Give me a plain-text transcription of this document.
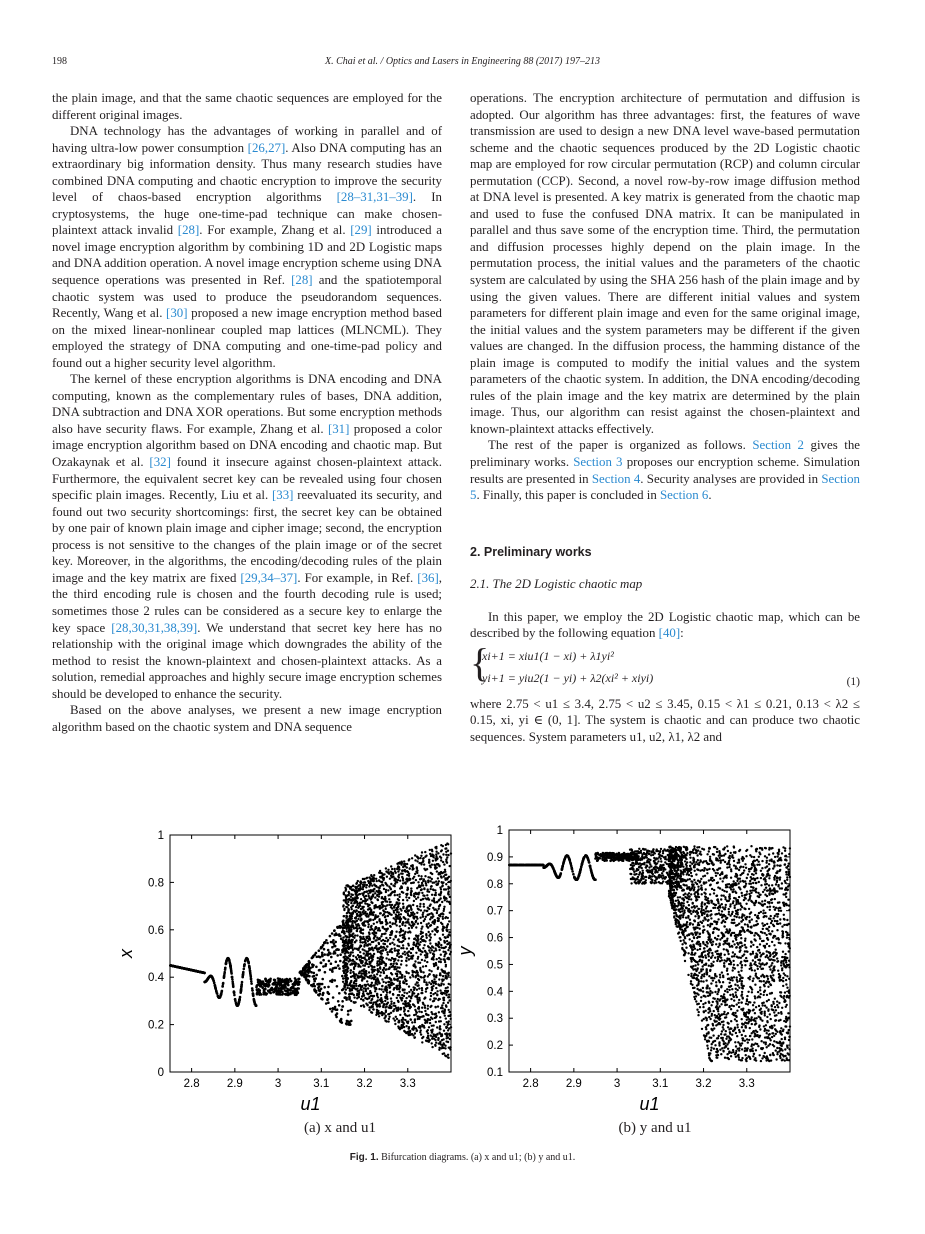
198	X. Chai et al. / Optics and Lasers in Engineering 88 (2017) 197–213

the plain image, and that the same chaotic sequences are employed for the different original images.

DNA technology has the advantages of working in parallel and of having ultra-low power consumption [26,27]. Also DNA computing has an extraordinary big information density. Thus many research studies have combined DNA computing and chaotic encryption to improve the security level of chaos-based encryption algorithms [28–31,31–39]. In cryptosystems, the huge one-time-pad technique can make chosen-plaintext attack invalid [28]. For example, Zhang et al. [29] introduced a novel image encryption algorithm by combining 1D and 2D Logistic maps and DNA addition operation. A novel image encryption scheme using DNA sequence operations was presented in Ref. [28] and the spatiotemporal chaotic system was used to produce the pseudorandom sequences. Recently, Wang et al. [30] proposed a new image encryption method based on the mixed linear-nonlinear coupled map lattices (MLNCML). They employed the strategy of DNA computing and one-time-pad policy and found out a higher security level algorithm.

The kernel of these encryption algorithms is DNA encoding and DNA computing, known as the complementary rules of bases, DNA addition, DNA subtraction and DNA XOR operations. But some encryption methods also have security flaws. For example, Zhang et al. [31] proposed a color image encryption algorithm based on DNA encoding and chaotic map. But Ozakaynak et al. [32] found it insecure against chosen-plaintext attack. Furthermore, the equivalent secret key can be revealed using four chosen specific plain images. Recently, Liu et al. [33] reevaluated its security, and found out two security shortcomings: first, the secret key can be obtained by one pair of known plain image and cipher image; second, the encryption process is not sensitive to the changes of the plain image or of the secret key. Moreover, in the algorithms, the encoding/decoding rules of the plain image and the key matrix are fixed [29,34–37]. For example, in Ref. [36], the third encoding rule is chosen and the fourth decoding rule is used; sometimes those 2 rules can be considered as a secure key to enlarge the key space [28,30,31,38,39]. We understand that secret key here has no relationship with the original image which downgrades the ability of the method to resist the known-plaintext and chosen-plaintext attacks. As a solution, remedial approaches and highly secure image encryption schemes should be developed to enhance the security.

Based on the above analyses, we present a new image encryption algorithm based on the chaotic system and DNA sequence

operations. The encryption architecture of permutation and diffusion is adopted. Our algorithm has three advantages: first, the features of wave transmission are used to design a new DNA level wave-based permutation scheme and the chaotic sequences produced by the 2D Logistic chaotic map are employed for row circular permutation (RCP) and column circular permutation (CCP). Second, a novel row-by-row image diffusion method at DNA level is presented. A key matrix is generated from the chaotic map and used to fuse the confused DNA matrix. It can be manipulated in parallel and thus save some of the encryption time. Third, the permutation and diffusion processes highly depend on the plain image. In the permutation process, the initial values and the parameters of the chaotic system are calculated by using the SHA 256 hash of the plain image and by using the given values. There are different initial values and system parameters for different plain image and even for the same original image, the initial values and the system parameters may be different if the given values are changed. In the diffusion process, the hamming distance of the plain image is computed to modify the initial values and the system parameters of the chaotic system. In addition, the DNA encoding/decoding rules of the plain image and the key matrix are determined by the plain image. Thus, our algorithm can resist against the chosen-plaintext and known-plaintext attacks effectively.

The rest of the paper is organized as follows. Section 2 gives the preliminary works. Section 3 proposes our encryption scheme. Simulation results are presented in Section 4. Security analyses are provided in Section 5. Finally, this paper is concluded in Section 6.

2. Preliminary works

2.1. The 2D Logistic chaotic map

In this paper, we employ the 2D Logistic chaotic map, which can be described by the following equation [40]:

{
xi+1 = xiu1(1 − xi) + λ1yi²
yi+1 = yiu2(1 − yi) + λ2(xi² + xiyi)	(1)

where 2.75 < u1 ≤ 3.4, 2.75 < u2 ≤ 3.45, 0.15 < λ1 ≤ 0.21, 0.13 < λ2 ≤ 0.15, xi, yi ∈ (0, 1]. The system is chaotic and can produce two chaotic sequences. System parameters u1, u2, λ1, λ2 and

2.8 2.9	3	3.1 3.2 3.3
0
0.2
0.4
0.6
0.8
1
u1
x
(a) x and u1
2.8 2.9	3	3.1 3.2 3.3
0.1
0.2
0.3
0.4
0.5
0.6
0.7
0.8
0.9
1
u1
y
(b) y and u1
Fig. 1. Bifurcation diagrams. (a) x and u1; (b) y and u1.
